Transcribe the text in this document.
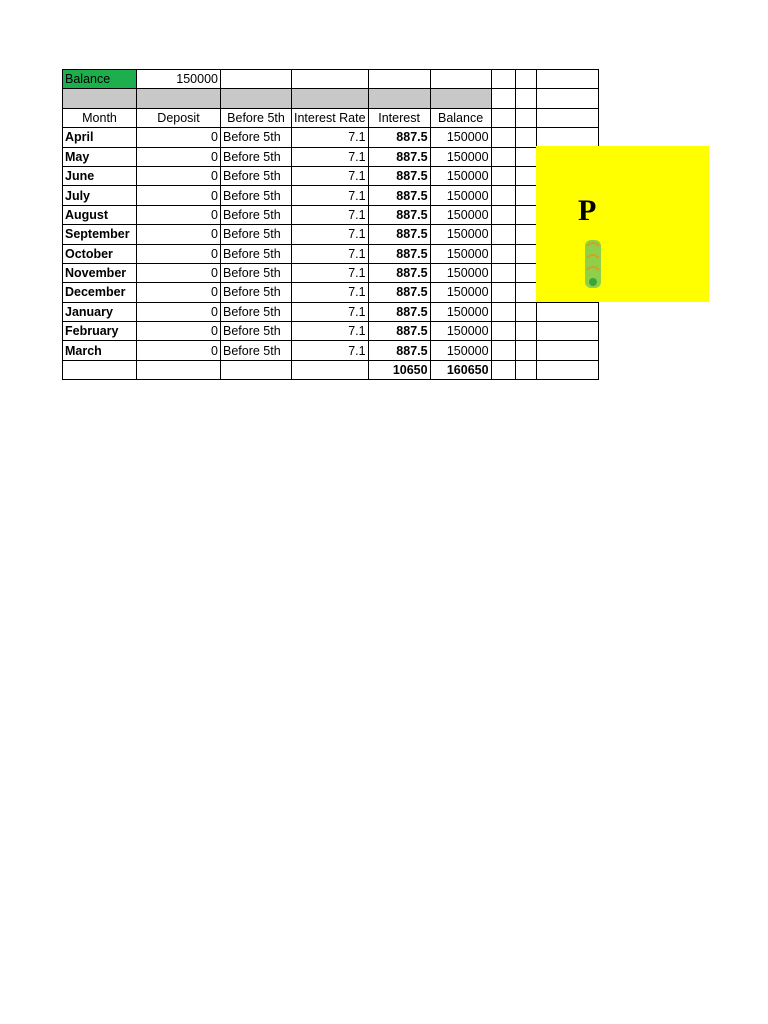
Balance	150000							

Month	Deposit	Before 5th	Interest Rate	Interest	Balance			
April	0	Before 5th	7.1	887.5	150000			
May	0	Before 5th	7.1	887.5	150000			
June	0	Before 5th	7.1	887.5	150000			
July	0	Before 5th	7.1	887.5	150000			
August	0	Before 5th	7.1	887.5	150000			
September	0	Before 5th	7.1	887.5	150000			
October	0	Before 5th	7.1	887.5	150000			
November	0	Before 5th	7.1	887.5	150000			
December	0	Before 5th	7.1	887.5	150000			
January	0	Before 5th	7.1	887.5	150000			
February	0	Before 5th	7.1	887.5	150000			
March	0	Before 5th	7.1	887.5	150000			
				10650	160650			
P
